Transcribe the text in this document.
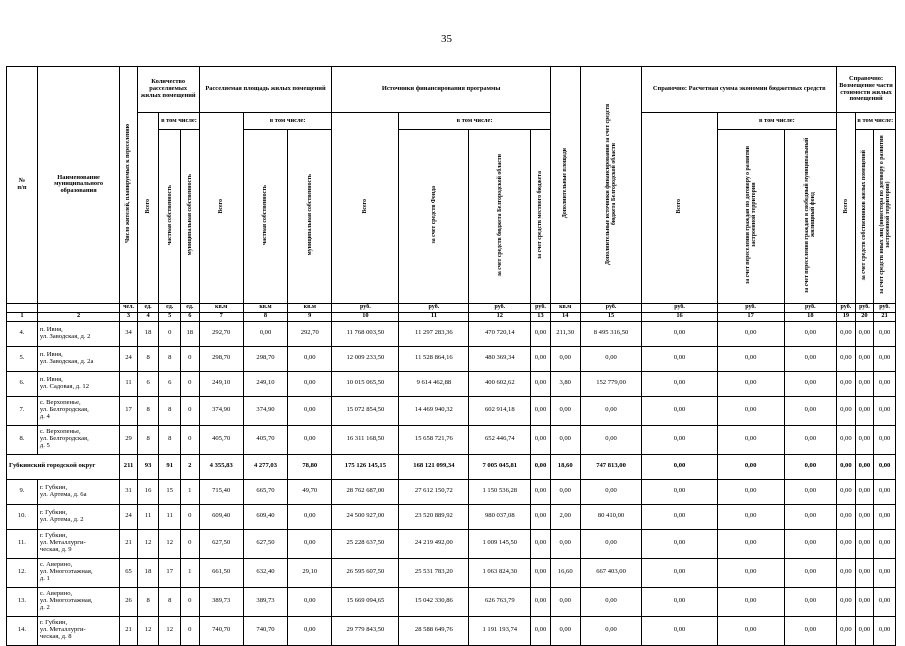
35
№
п/п	Наименование муниципального образования	Число жителей, планируемых к переселению	Количество расселяемых жилых помещений			Расселяемая площадь жилых помещений			Источники финансирования программы				Дополнительные площади	Дополнительные источники финансирования за счет средств бюджета Белгородской области	Справочно: Расчетная сумма экономии бюджетных средств			Справочно: Возмещение части стоимости жилых помещений		
			Всего	в том числе:		Всего	в том числе:		Всего	в том числе:					Всего	в том числе:		Всего	в том числе:	
				частная собственность	муниципальная собственность		частная собственность	муниципальная собственность		за счет средств Фонда	за счет средств бюджета Белгородской области	за счет средств местного бюджета				за счет переселения граждан по договору о развитии застроенной территории	за счет переселения граждан в свободный муниципальный жилищный фонд		за счет средств собственников жилых помещений	за счет средств иных лиц (инвестора по договору о развитии застроенной территории)
		чел.	ед.	ед.	ед.	кв.м	кв.м	кв.м	руб.	руб.	руб.	руб.	кв.м	руб.	руб.	руб.	руб.	руб.	руб.	руб.
1	2	3	4	5	6	7	8	9	10	11	12	13	14	15	16	17	18	19	20	21
4.	п. Ивня,
ул. Заводская, д. 2	34	18	0	18	292,70	0,00	292,70	11 768 003,50	11 297 283,36	470 720,14	0,00	211,30	8 495 316,50	0,00	0,00	0,00	0,00	0,00	0,00
5.	п. Ивня,
ул. Заводская, д. 2а	24	8	8	0	298,70	298,70	0,00	12 009 233,50	11 528 864,16	480 369,34	0,00	0,00	0,00	0,00	0,00	0,00	0,00	0,00	0,00
6.	п. Ивня,
ул. Садовая, д. 12	11	6	6	0	249,10	249,10	0,00	10 015 065,50	9 614 462,88	400 602,62	0,00	3,80	152 779,00	0,00	0,00	0,00	0,00	0,00	0,00
7.	с. Верхопенье,
ул. Белгородская,
д. 4	17	8	8	0	374,90	374,90	0,00	15 072 854,50	14 469 940,32	602 914,18	0,00	0,00	0,00	0,00	0,00	0,00	0,00	0,00	0,00
8.	с. Верхопенье,
ул. Белгородская,
д. 5	29	8	8	0	405,70	405,70	0,00	16 311 168,50	15 658 721,76	652 446,74	0,00	0,00	0,00	0,00	0,00	0,00	0,00	0,00	0,00
Губкинский городской округ		211	93	91	2	4 355,83	4 277,03	78,80	175 126 145,15	168 121 099,34	7 005 045,81	0,00	18,60	747 813,00	0,00	0,00	0,00	0,00	0,00	0,00
9.	г. Губкин,
ул. Артема, д. 6а	31	16	15	1	715,40	665,70	49,70	28 762 687,00	27 612 150,72	1 150 536,28	0,00	0,00	0,00	0,00	0,00	0,00	0,00	0,00	0,00
10.	г. Губкин,
ул. Артема, д. 2	24	11	11	0	609,40	609,40	0,00	24 500 927,00	23 520 889,92	980 037,08	0,00	2,00	80 410,00	0,00	0,00	0,00	0,00	0,00	0,00
11.	г. Губкин,
ул. Металлурги-
ческая, д. 9	21	12	12	0	627,50	627,50	0,00	25 228 637,50	24 219 492,00	1 009 145,50	0,00	0,00	0,00	0,00	0,00	0,00	0,00	0,00	0,00
12.	с. Аверино,
ул. Многоэтажная,
д. 1	65	18	17	1	661,50	632,40	29,10	26 595 607,50	25 531 783,20	1 063 824,30	0,00	16,60	667 403,00	0,00	0,00	0,00	0,00	0,00	0,00
13.	с. Аверино,
ул. Многоэтажная,
д. 2	26	8	8	0	389,73	389,73	0,00	15 669 094,65	15 042 330,86	626 763,79	0,00	0,00	0,00	0,00	0,00	0,00	0,00	0,00	0,00
14.	г. Губкин,
ул. Металлурги-
ческая, д. 8	21	12	12	0	740,70	740,70	0,00	29 779 843,50	28 588 649,76	1 191 193,74	0,00	0,00	0,00	0,00	0,00	0,00	0,00	0,00	0,00
